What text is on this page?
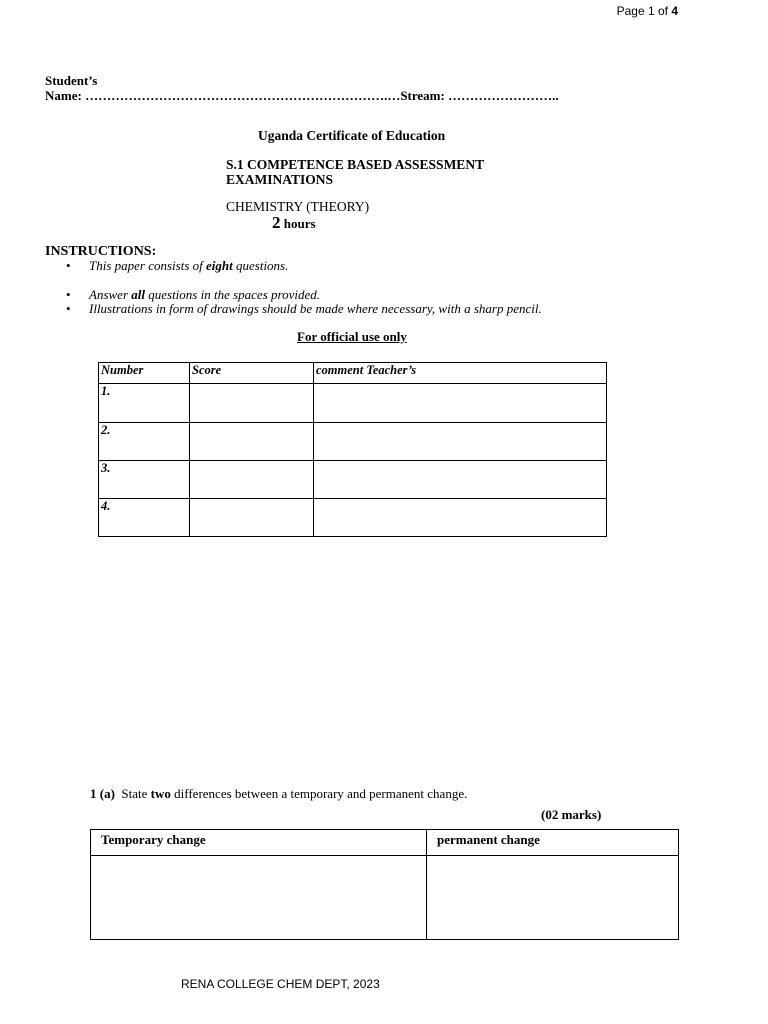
Page 1 of 4
Student’s
Name: …………………………………………………………….…Stream: ……………………..
Uganda Certificate of Education
S.1 COMPETENCE BASED ASSESSMENT
EXAMINATIONS
CHEMISTRY (THEORY)
2 hours
INSTRUCTIONS:
• This paper consists of eight questions.
• Answer all questions in the spaces provided.
• Illustrations in form of drawings should be made where necessary, with a sharp pencil.
For official use only
Number	Score	comment Teacher’s
1.		
2.		
3.		
4.		
1 (a) State two differences between a temporary and permanent change.
(02 marks)
Temporary change	permanent change

RENA COLLEGE CHEM DEPT, 2023
